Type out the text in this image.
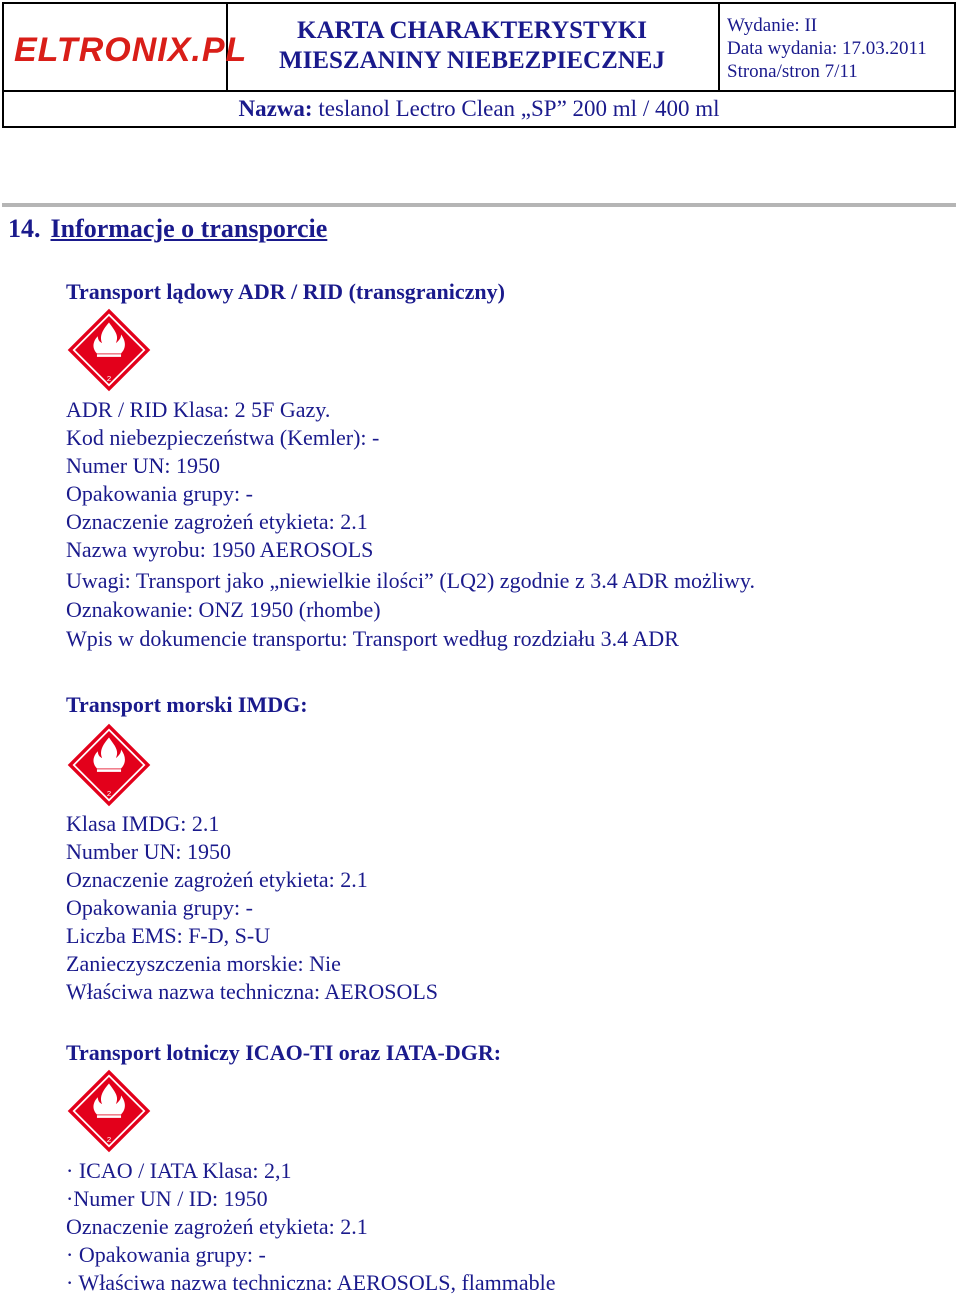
ELTRONIX.PL
KARTA CHARAKTERYSTYKI
MIESZANINY NIEBEZPIECZNEJ
Wydanie: II
Data wydania: 17.03.2011
Strona/stron 7/11
Nazwa: teslanol Lectro Clean „SP” 200 ml / 400 ml
14. Informacje o transporcie
Transport lądowy ADR / RID (transgraniczny)
2
ADR / RID Klasa: 2 5F Gazy.
Kod niebezpieczeństwa (Kemler): -
Numer UN: 1950
Opakowania grupy: -
Oznaczenie zagrożeń etykieta: 2.1
Nazwa wyrobu: 1950 AEROSOLS
Uwagi: Transport jako „niewielkie ilości” (LQ2) zgodnie z 3.4 ADR możliwy.
Oznakowanie: ONZ 1950 (rhombe)
Wpis w dokumencie transportu: Transport według rozdziału 3.4 ADR
Transport morski IMDG:
2
Klasa IMDG: 2.1
Number UN: 1950
Oznaczenie zagrożeń etykieta: 2.1
Opakowania grupy: -
Liczba EMS: F-D, S-U
Zanieczyszczenia morskie: Nie
Właściwa nazwa techniczna: AEROSOLS
Transport lotniczy ICAO-TI oraz IATA-DGR:
2
· ICAO / IATA Klasa: 2,1
·Numer UN / ID: 1950
Oznaczenie zagrożeń etykieta: 2.1
· Opakowania grupy: -
· Właściwa nazwa techniczna: AEROSOLS, flammable
